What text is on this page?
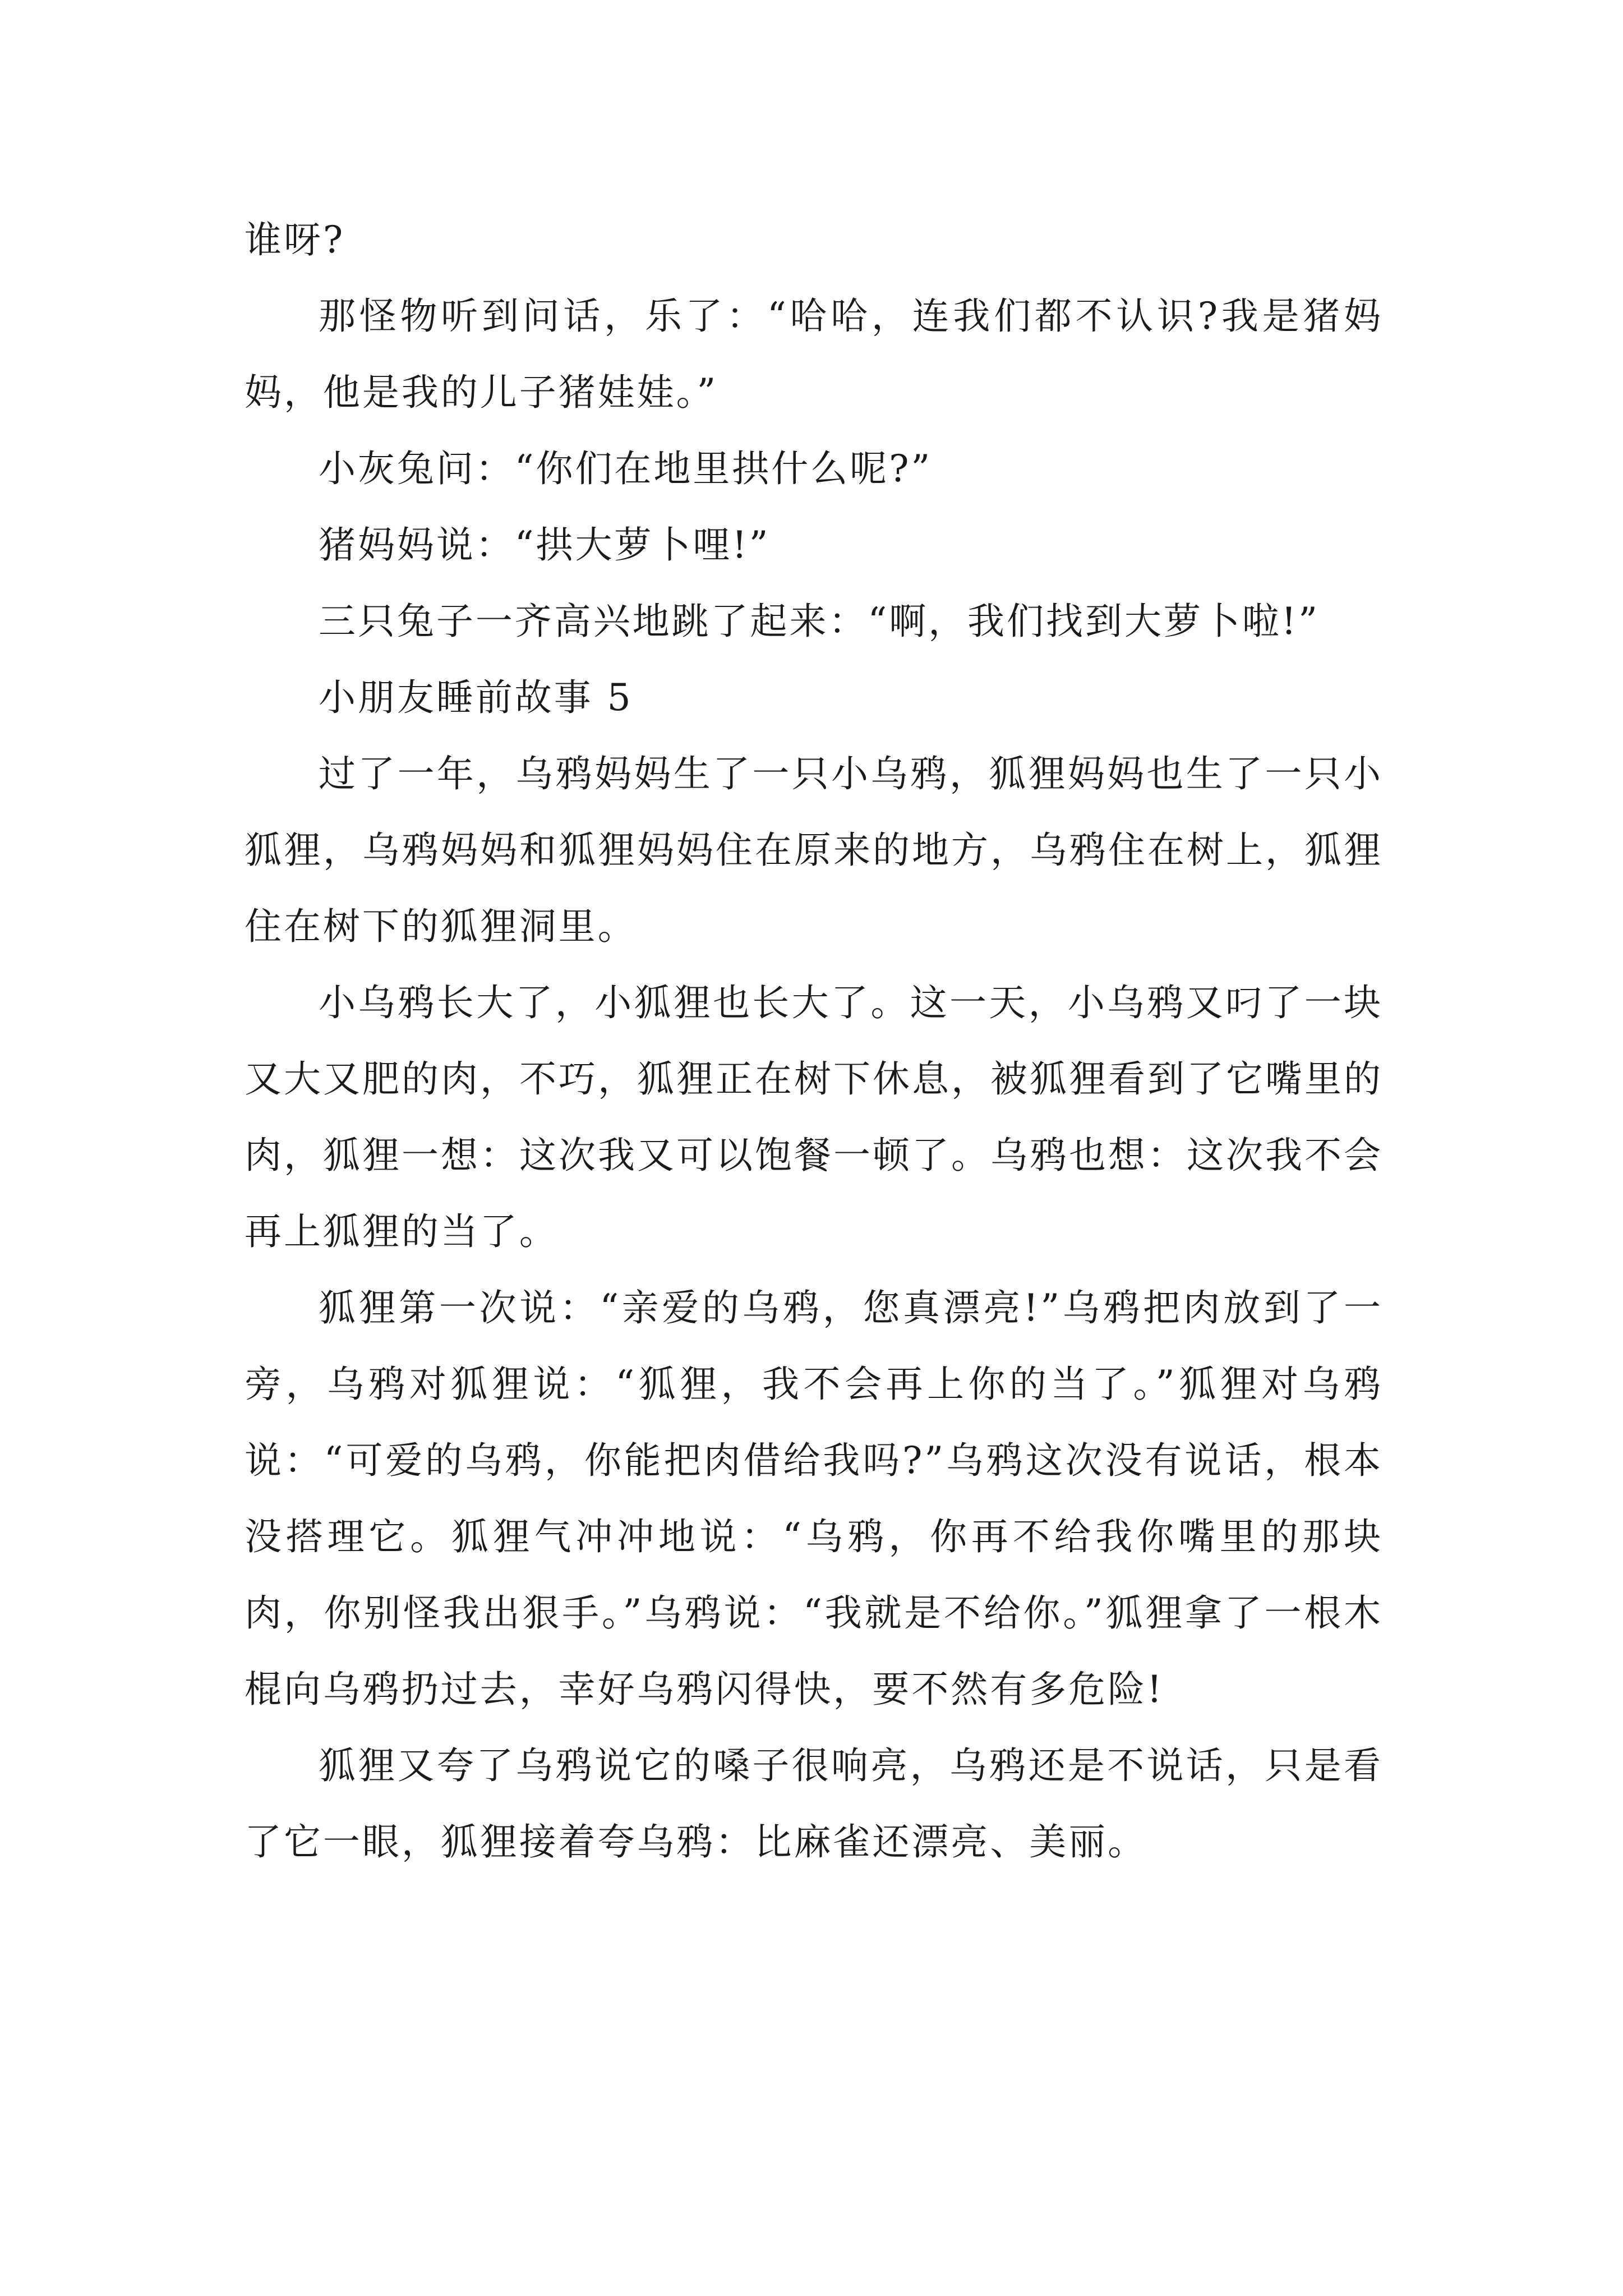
谁呀?

那怪物听到问话，乐了：“哈哈，连我们都不认识?我是猪妈妈，他是我的儿子猪娃娃。”

小灰兔问：“你们在地里拱什么呢?”

猪妈妈说：“拱大萝卜哩!”

三只兔子一齐高兴地跳了起来：“啊，我们找到大萝卜啦!”

小朋友睡前故事 5

过了一年，乌鸦妈妈生了一只小乌鸦，狐狸妈妈也生了一只小狐狸，乌鸦妈妈和狐狸妈妈住在原来的地方，乌鸦住在树上，狐狸住在树下的狐狸洞里。

小乌鸦长大了，小狐狸也长大了。这一天，小乌鸦又叼了一块又大又肥的肉，不巧，狐狸正在树下休息，被狐狸看到了它嘴里的肉，狐狸一想：这次我又可以饱餐一顿了。乌鸦也想：这次我不会再上狐狸的当了。

狐狸第一次说：“亲爱的乌鸦，您真漂亮!”乌鸦把肉放到了一旁，乌鸦对狐狸说：“狐狸，我不会再上你的当了。”狐狸对乌鸦说：“可爱的乌鸦，你能把肉借给我吗?”乌鸦这次没有说话，根本没搭理它。狐狸气冲冲地说：“乌鸦，你再不给我你嘴里的那块肉，你别怪我出狠手。”乌鸦说：“我就是不给你。”狐狸拿了一根木棍向乌鸦扔过去，幸好乌鸦闪得快，要不然有多危险!

狐狸又夸了乌鸦说它的嗓子很响亮，乌鸦还是不说话，只是看了它一眼，狐狸接着夸乌鸦：比麻雀还漂亮、美丽。
